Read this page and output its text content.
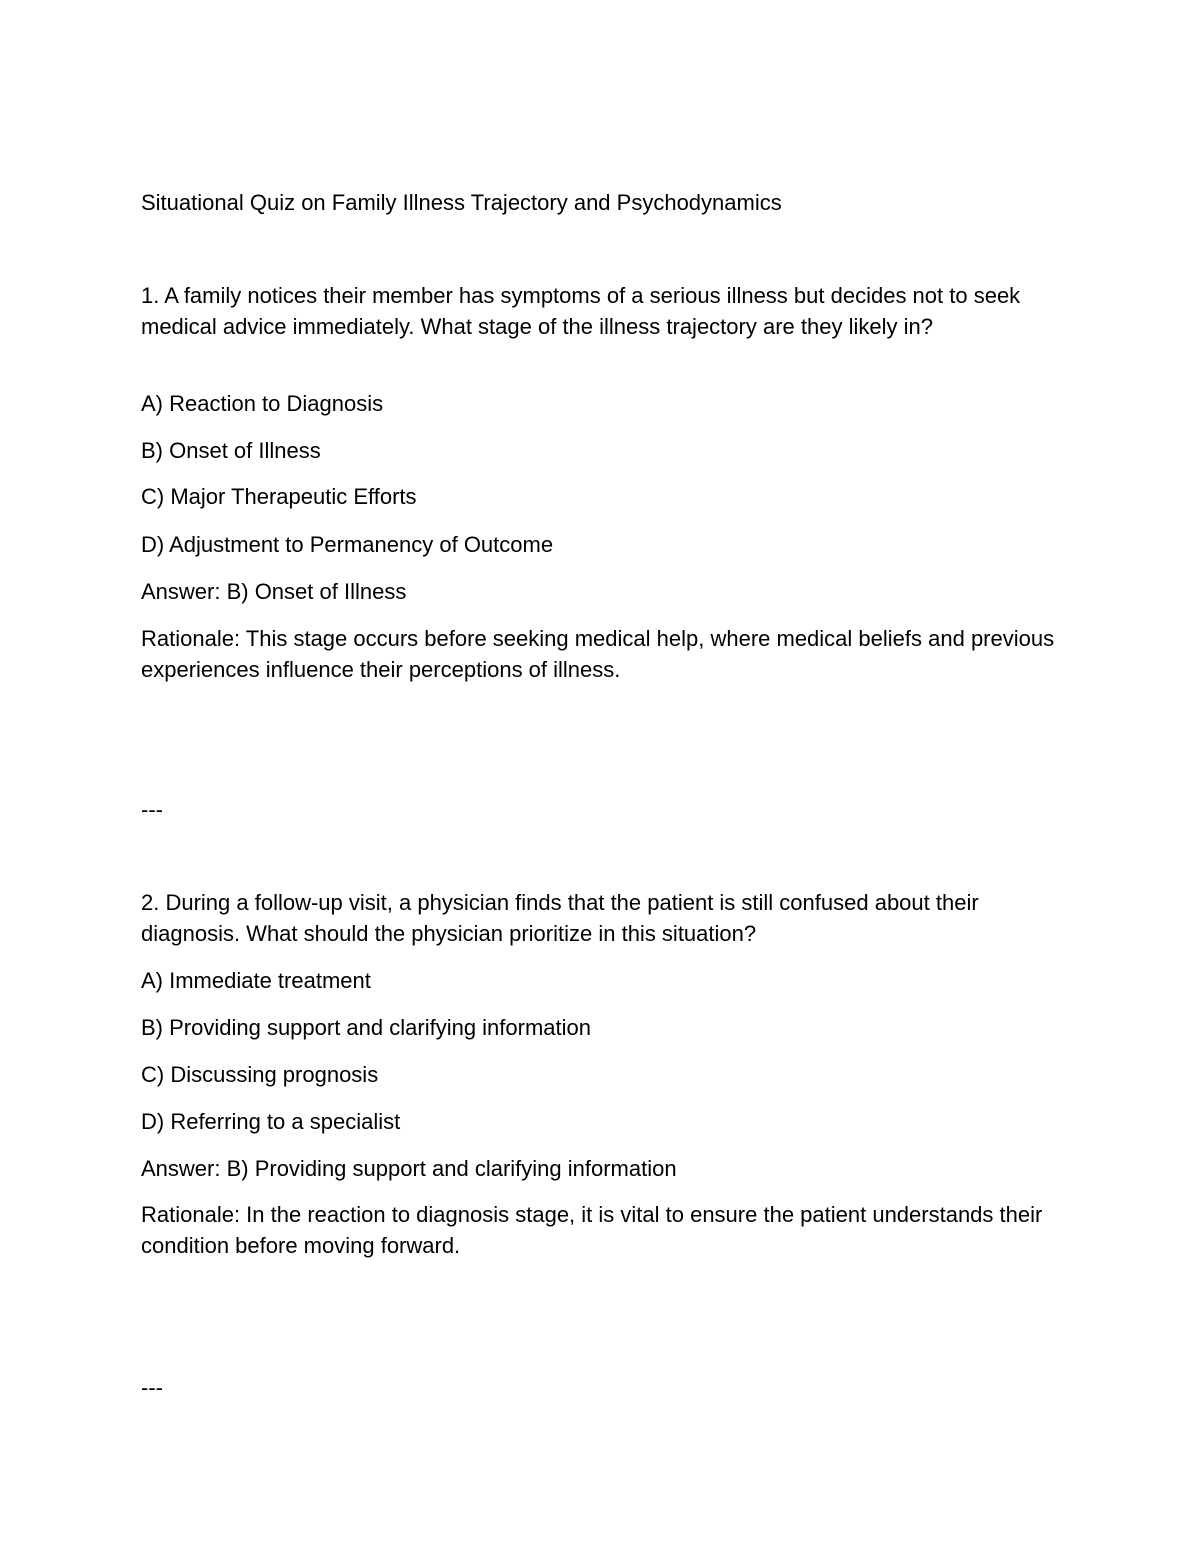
Situational Quiz on Family Illness Trajectory and Psychodynamics

1. A family notices their member has symptoms of a serious illness but decides not to seek medical advice immediately. What stage of the illness trajectory are they likely in?

A) Reaction to Diagnosis

B) Onset of Illness

C) Major Therapeutic Efforts

D) Adjustment to Permanency of Outcome

Answer: B) Onset of Illness

Rationale: This stage occurs before seeking medical help, where medical beliefs and previous experiences influence their perceptions of illness.

---

2. During a follow-up visit, a physician finds that the patient is still confused about their diagnosis. What should the physician prioritize in this situation?

A) Immediate treatment

B) Providing support and clarifying information

C) Discussing prognosis

D) Referring to a specialist

Answer: B) Providing support and clarifying information

Rationale: In the reaction to diagnosis stage, it is vital to ensure the patient understands their condition before moving forward.

---
